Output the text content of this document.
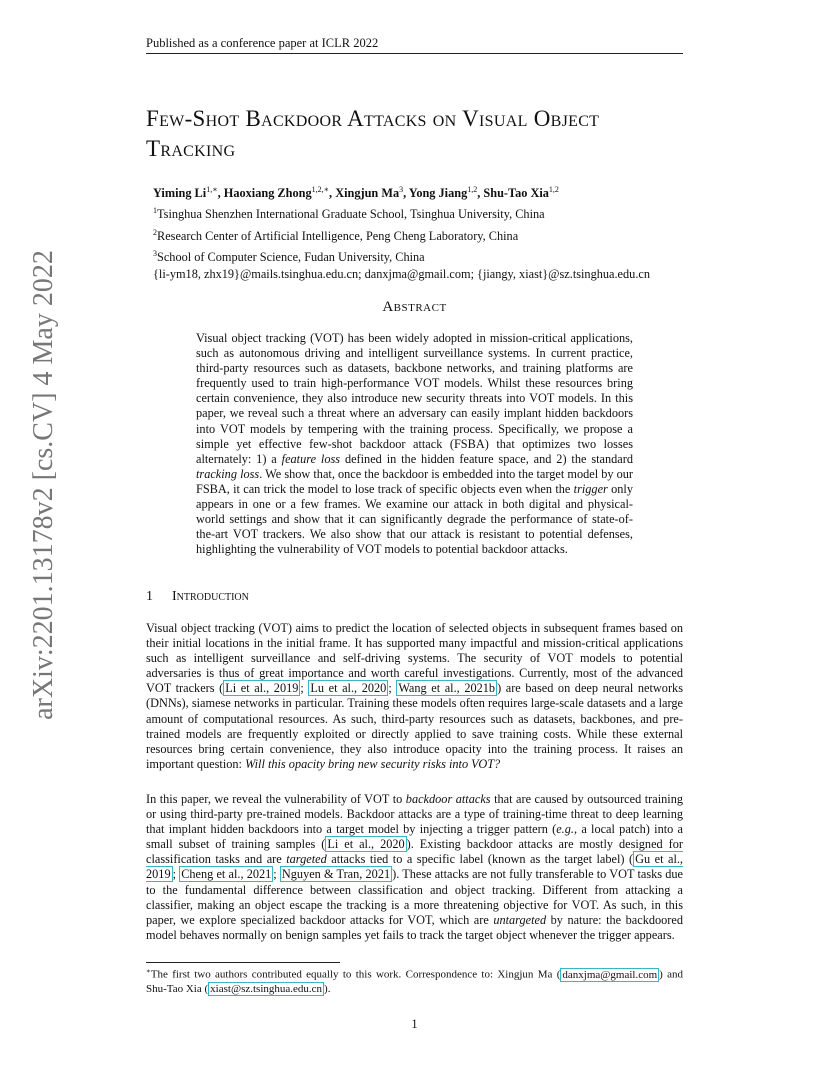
Published as a conference paper at ICLR 2022
arXiv:2201.13178v2 [cs.CV] 4 May 2022
Few-Shot Backdoor Attacks on Visual Object
Tracking
Yiming $Li^{1,∗}$, Haoxiang Zhong$^{1,2,∗}$, Xingjun Ma$^3$, Yong Jiang$^{1,2}$, Shu-Tao Xia$^{1,2}$
$^1$Tsinghua Shenzhen International Graduate School, Tsinghua University, China
$^2$Research Center of Artificial Intelligence, Peng Cheng Laboratory, China
$^3$School of Computer Science, Fudan University, China
{li-ym18, zhx19}@mails.tsinghua.edu.cn; danxjma@gmail.com; {jiangy, xiast}@sz.tsinghua.edu.cn
Abstract
Visual object tracking (VOT) has been widely adopted in mission-critical applications, such as autonomous driving and intelligent surveillance systems. In current practice, third-party resources such as datasets, backbone networks, and training platforms are frequently used to train high-performance VOT models. Whilst these resources bring certain convenience, they also introduce new security threats into VOT models. In this paper, we reveal such a threat where an adversary can easily implant hidden backdoors into VOT models by tempering with the training process. Specifically, we propose a simple yet effective few-shot backdoor attack (FSBA) that optimizes two losses alternately: 1) a feature loss defined in the hidden feature space, and 2) the standard tracking loss. We show that, once the backdoor is embedded into the target model by our FSBA, it can trick the model to lose track of specific objects even when the trigger only appears in one or a few frames. We examine our attack in both digital and physical-world settings and show that it can significantly degrade the performance of state-of-the-art VOT trackers. We also show that our attack is resistant to potential defenses, highlighting the vulnerability of VOT models to potential backdoor attacks.
1 Introduction
Visual object tracking (VOT) aims to predict the location of selected objects in subsequent frames based on their initial locations in the initial frame. It has supported many impactful and mission-critical applications such as intelligent surveillance and self-driving systems. The security of VOT models to potential adversaries is thus of great importance and worth careful investigations. Currently, most of the advanced VOT trackers ( Li et al., 2019 ; Lu et al., 2020 ; Wang et al., 2021b ) are based on deep neural networks (DNNs), siamese networks in particular. Training these models often requires large-scale datasets and a large amount of computational resources. As such, third-party resources such as datasets, backbones, and pre-trained models are frequently exploited or directly applied to save training costs. While these external resources bring certain convenience, they also introduce opacity into the training process. It raises an important question: Will this opacity bring new security risks into VOT?
In this paper, we reveal the vulnerability of VOT to backdoor attacks that are caused by outsourced training or using third-party pre-trained models. Backdoor attacks are a type of training-time threat to deep learning that implant hidden backdoors into a target model by injecting a trigger pattern (e.g., a local patch) into a small subset of training samples ( Li et al., 2020 ). Existing backdoor attacks are mostly designed for classification tasks and are targeted attacks tied to a specific label (known as the target label) ( Gu et al., 2019 ; Cheng et al., 2021 ; Nguyen & Tran, 2021 ). These attacks are not fully transferable to VOT tasks due to the fundamental difference between classification and object tracking. Different from attacking a classifier, making an object escape the tracking is a more threatening objective for VOT. As such, in this paper, we explore specialized backdoor attacks for VOT, which are untargeted by nature: the backdoored model behaves normally on benign samples yet fails to track the target object whenever the trigger appears.
∗The first two authors contributed equally to this work. Correspondence to: Xingjun Ma ( danxjma@gmail.com ) and Shu-Tao Xia ( xiast@sz.tsinghua.edu.cn ).
1
